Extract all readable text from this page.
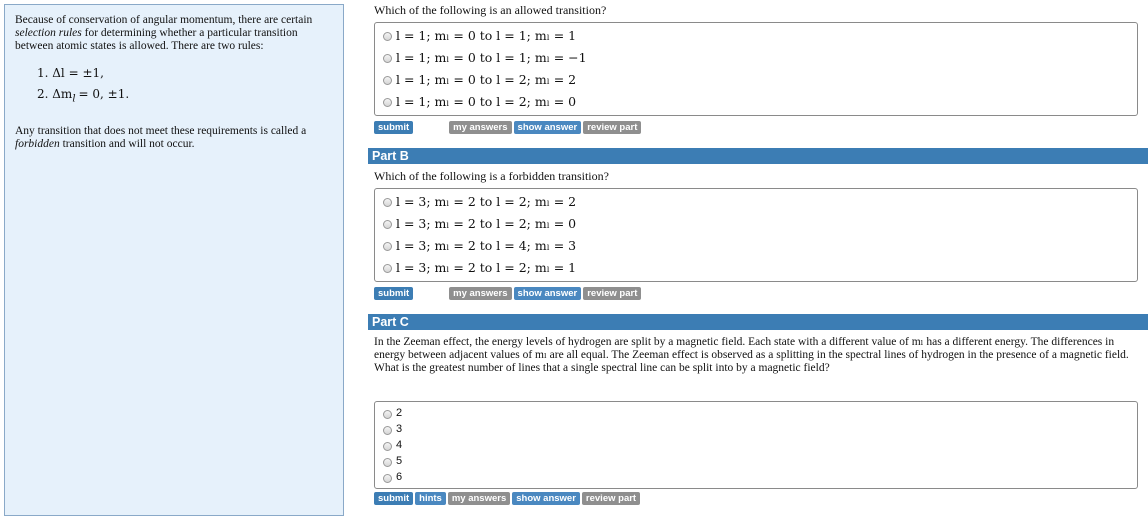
Because of conservation of angular momentum, there are certain selection rules for determining whether a particular transition between atomic states is allowed. There are two rules:

1. Δl = ±1,
2. $\Delta m_l = 0$, ±1.

Any transition that does not meet these requirements is called a forbidden transition and will not occur.

Which of the following is an allowed transition?
l = 1; mₗ = 0 to l = 1; mₗ = 1
l = 1; mₗ = 0 to l = 1; mₗ = −1
l = 1; mₗ = 0 to l = 2; mₗ = 2
l = 1; mₗ = 0 to l = 2; mₗ = 0
submit	my answers	show answer	review part
Part B
Which of the following is a forbidden transition?
l = 3; mₗ = 2 to l = 2; mₗ = 2
l = 3; mₗ = 2 to l = 2; mₗ = 0
l = 3; mₗ = 2 to l = 4; mₗ = 3
l = 3; mₗ = 2 to l = 2; mₗ = 1
submit	my answers	show answer	review part
Part C
In the Zeeman effect, the energy levels of hydrogen are split by a magnetic field. Each state with a different value of mₗ has a different energy. The differences in energy between adjacent values of mₗ are all equal. The Zeeman effect is observed as a splitting in the spectral lines of hydrogen in the presence of a magnetic field. What is the greatest number of lines that a single spectral line can be split into by a magnetic field?
2
3
4
5
6
submit	hints	my answers	show answer	review part
